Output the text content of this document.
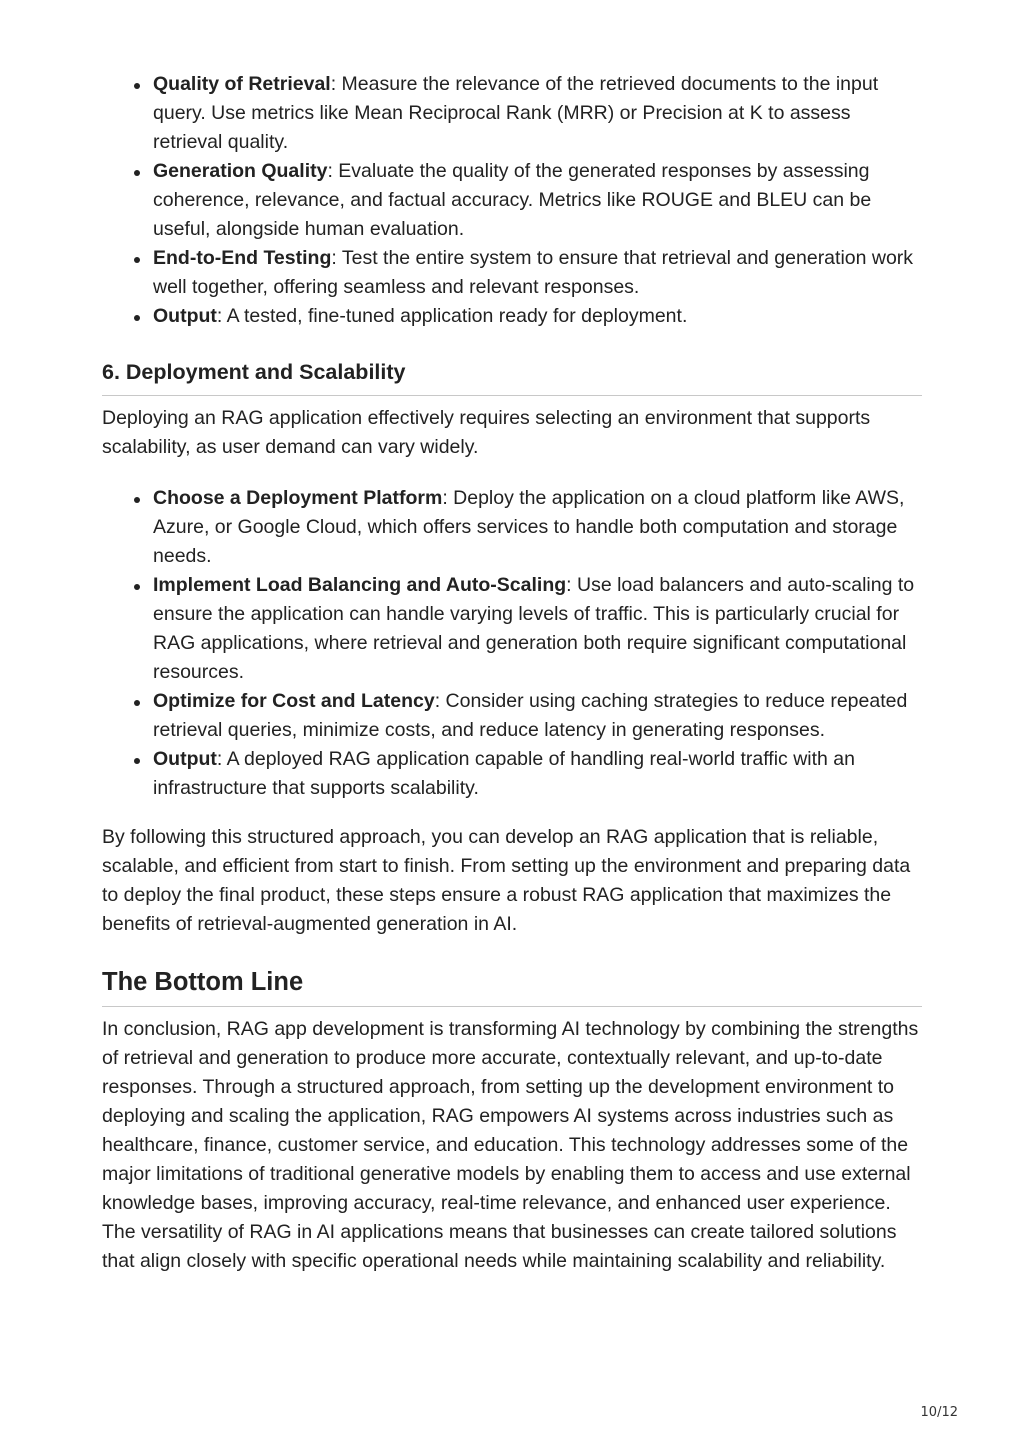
Quality of Retrieval: Measure the relevance of the retrieved documents to the input query. Use metrics like Mean Reciprocal Rank (MRR) or Precision at K to assess retrieval quality.
Generation Quality: Evaluate the quality of the generated responses by assessing coherence, relevance, and factual accuracy. Metrics like ROUGE and BLEU can be useful, alongside human evaluation.
End-to-End Testing: Test the entire system to ensure that retrieval and generation work well together, offering seamless and relevant responses.
Output: A tested, fine-tuned application ready for deployment.
6. Deployment and Scalability

Deploying an RAG application effectively requires selecting an environment that supports scalability, as user demand can vary widely.

Choose a Deployment Platform: Deploy the application on a cloud platform like AWS, Azure, or Google Cloud, which offers services to handle both computation and storage needs.
Implement Load Balancing and Auto-Scaling: Use load balancers and auto-scaling to ensure the application can handle varying levels of traffic. This is particularly crucial for RAG applications, where retrieval and generation both require significant computational resources.
Optimize for Cost and Latency: Consider using caching strategies to reduce repeated retrieval queries, minimize costs, and reduce latency in generating responses.
Output: A deployed RAG application capable of handling real-world traffic with an infrastructure that supports scalability.

By following this structured approach, you can develop an RAG application that is reliable, scalable, and efficient from start to finish. From setting up the environment and preparing data to deploy the final product, these steps ensure a robust RAG application that maximizes the benefits of retrieval-augmented generation in AI.

The Bottom Line

In conclusion, RAG app development is transforming AI technology by combining the strengths of retrieval and generation to produce more accurate, contextually relevant, and up-to-date responses. Through a structured approach, from setting up the development environment to deploying and scaling the application, RAG empowers AI systems across industries such as healthcare, finance, customer service, and education. This technology addresses some of the major limitations of traditional generative models by enabling them to access and use external knowledge bases, improving accuracy, real-time relevance, and enhanced user experience. The versatility of RAG in AI applications means that businesses can create tailored solutions that align closely with specific operational needs while maintaining scalability and reliability.

10/12
